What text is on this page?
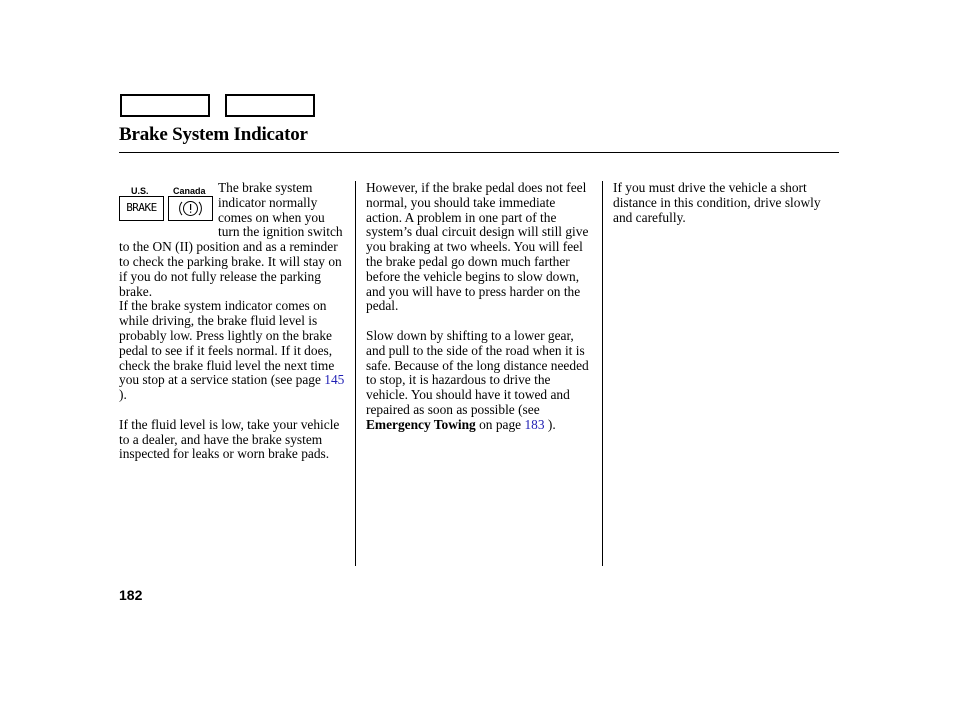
Brake System Indicator
U.S.	Canada
BRAKE

The brake system indicator normally comes on when you turn the ignition switch to the ON (II) position and as a reminder to check the parking brake. It will stay on if you do not fully release the parking brake.

If the brake system indicator comes on while driving, the brake fluid level is probably low. Press lightly on the brake pedal to see if it feels normal. If it does, check the brake fluid level the next time you stop at a service station (see page 145 ).

If the fluid level is low, take your vehicle to a dealer, and have the brake system inspected for leaks or worn brake pads.

However, if the brake pedal does not feel normal, you should take immediate action. A problem in one part of the system’s dual circuit design will still give you braking at two wheels. You will feel the brake pedal go down much farther before the vehicle begins to slow down, and you will have to press harder on the pedal.

Slow down by shifting to a lower gear, and pull to the side of the road when it is safe. Because of the long distance needed to stop, it is hazardous to drive the vehicle. You should have it towed and repaired as soon as possible (see Emergency Towing on page 183 ).

If you must drive the vehicle a short distance in this condition, drive slowly and carefully.

182
